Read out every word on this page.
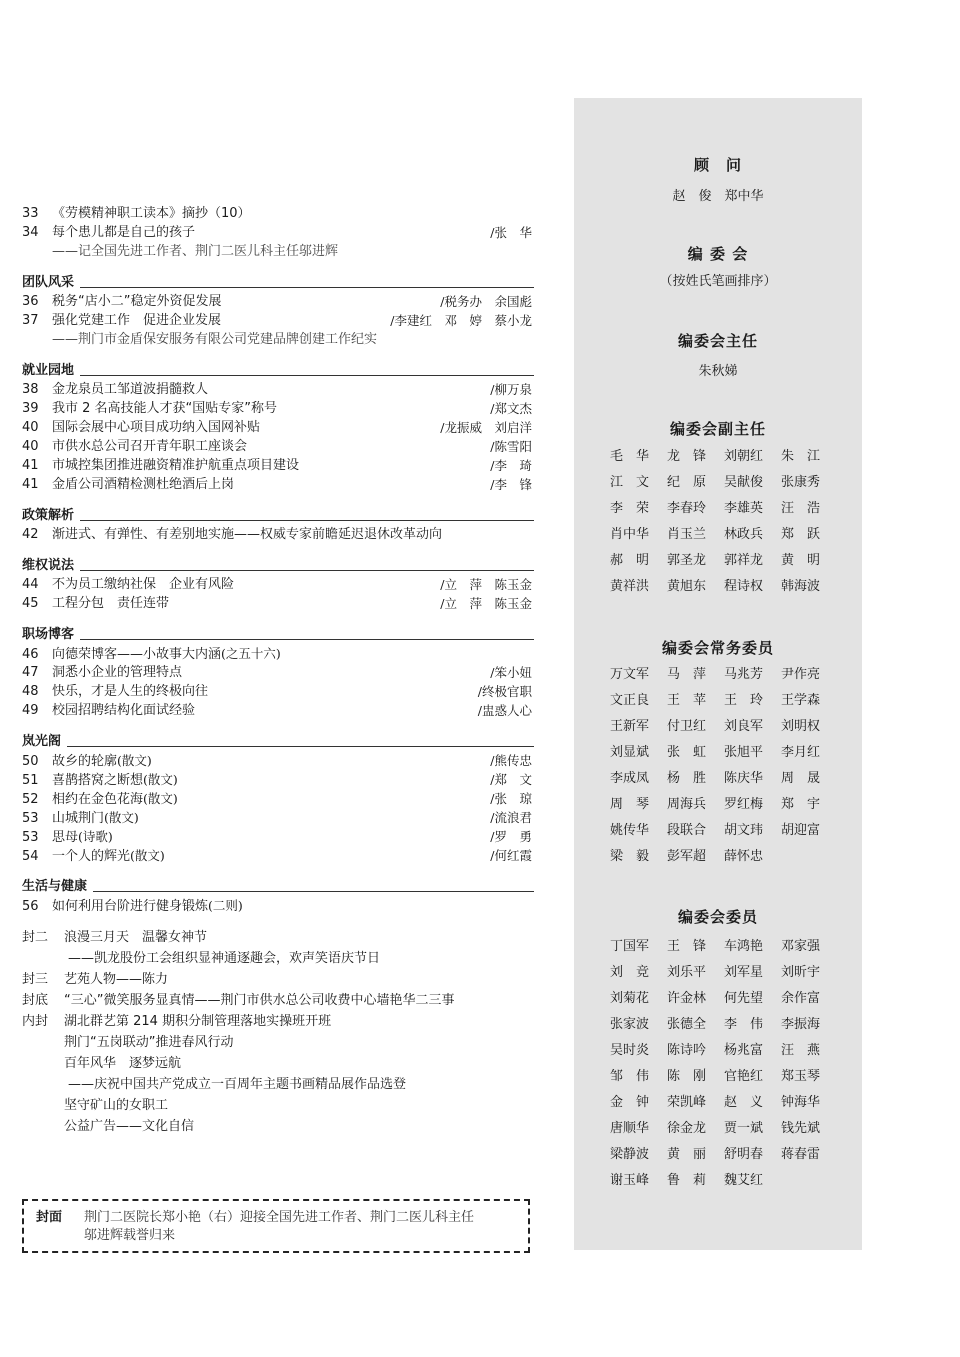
33 《劳模精神职工读本》摘抄（10）
34 每个患儿都是自己的孩子	/张　华
——记全国先进工作者、荆门二医儿科主任邬进辉
团队风采
36 税务“店小二”稳定外资促发展	/税务办　余国彪
37 强化党建工作　促进企业发展	/李建红　邓　婷　蔡小龙
——荆门市金盾保安服务有限公司党建品牌创建工作纪实
就业园地
38 金龙泉员工邹道波捐髓救人	/柳万泉
39 我市 2 名高技能人才获“国贴专家”称号	/郑文杰
40 国际会展中心项目成功纳入国网补贴	/龙振威　刘启洋
40 市供水总公司召开青年职工座谈会	/陈雪阳
41 市城控集团推进融资精准护航重点项目建设	/李　琦
41 金盾公司酒精检测杜绝酒后上岗	/李　锋
政策解析
42 渐进式、有弹性、有差别地实施——权威专家前瞻延迟退休改革动向
维权说法
44 不为员工缴纳社保　企业有风险	/立　萍　陈玉金
45 工程分包　责任连带	/立　萍　陈玉金
职场博客
46 向德荣博客——小故事大内涵(之五十六)
47 洞悉小企业的管理特点	/笨小妞
48 快乐，才是人生的终极向往	/终极官职
49 校园招聘结构化面试经验	/盅惑人心
岚光阁
50 故乡的轮廓(散文)	/熊传忠
51 喜鹊搭窝之断想(散文)	/郑　文
52 相约在金色花海(散文)	/张　琼
53 山城荆门(散文)	/流浪君
53 思母(诗歌)	/罗　勇
54 一个人的辉光(散文)	/何红霞
生活与健康
56 如何利用台阶进行健身锻炼(二则)
封二 浪漫三月天　温馨女神节
——凯龙股份工会组织显神通逐趣会，欢声笑语庆节日
封三 艺苑人物——陈力
封底 “三心”微笑服务显真情——荆门市供水总公司收费中心墙艳华二三事
内封 湖北群艺第 214 期积分制管理落地实操班开班
荆门“五岗联动”推进春风行动
百年风华　逐梦远航
——庆祝中国共产党成立一百周年主题书画精品展作品选登
坚守矿山的女职工
公益广告——文化自信
封面 荆门二医院长郑小艳（右）迎接全国先进工作者、荆门二医儿科主任
邬进辉载誉归来
顾　问
赵　俊　郑中华
编 委 会
（按姓氏笔画排序）
编委会主任
朱秋娣
编委会副主任
毛　华	龙　锋	刘朝红	朱　江
江　文	纪　原	吴献俊	张康秀
李　荣	李春玲	李雄英	汪　浩
肖中华	肖玉兰	林政兵	郑　跃
郝　明	郭圣龙	郭祥龙	黄　明
黄祥洪	黄旭东	程诗权	韩海波
编委会常务委员
万文军	马　萍	马兆芳	尹作亮
文正良	王　苹	王　玲	王学森
王新军	付卫红	刘良军	刘明权
刘显斌	张　虹	张旭平	李月红
李成凤	杨　胜	陈庆华	周　晟
周　琴	周海兵	罗红梅	郑　宇
姚传华	段联合	胡文玮	胡迎富
梁　毅	彭军超	薛怀忠
编委会委员
丁国军	王　锋	车鸿艳	邓家强
刘　竞	刘乐平	刘军星	刘昕宇
刘菊花	许金林	何先望	余作富
张家波	张德全	李　伟	李振海
吴时炎	陈诗吟	杨兆富	汪　燕
邹　伟	陈　刚	官艳红	郑玉琴
金　钟	荣凯峰	赵　义	钟海华
唐顺华	徐金龙	贾一斌	钱先斌
梁静波	黄　丽	舒明春	蒋春雷
谢玉峰	鲁　莉	魏艾红
